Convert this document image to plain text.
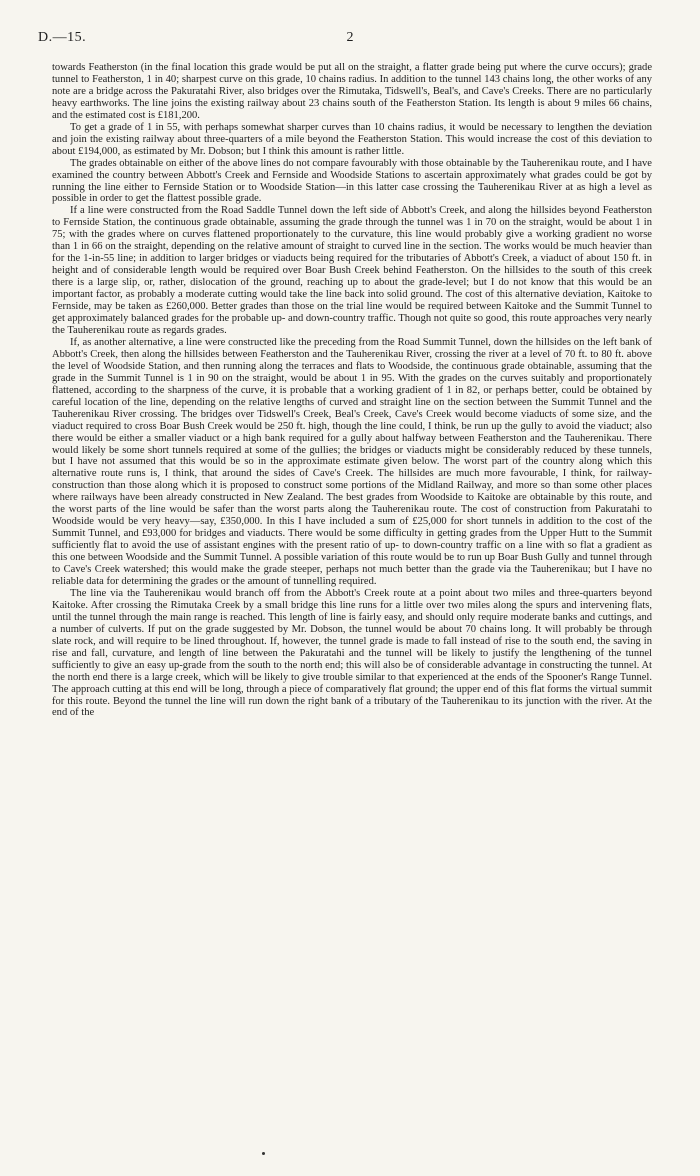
D.—15.	2

towards Featherston (in the final location this grade would be put all on the straight, a flatter grade being put where the curve occurs); grade tunnel to Featherston, 1 in 40; sharpest curve on this grade, 10 chains radius. In addition to the tunnel 143 chains long, the other works of any note are a bridge across the Pakuratahi River, also bridges over the Rimutaka, Tidswell's, Beal's, and Cave's Creeks. There are no particularly heavy earthworks. The line joins the existing railway about 23 chains south of the Featherston Station. Its length is about 9 miles 66 chains, and the estimated cost is £181,200.

To get a grade of 1 in 55, with perhaps somewhat sharper curves than 10 chains radius, it would be necessary to lengthen the deviation and join the existing railway about three-quarters of a mile beyond the Featherston Station. This would increase the cost of this deviation to about £194,000, as estimated by Mr. Dobson; but I think this amount is rather little.

The grades obtainable on either of the above lines do not compare favourably with those obtainable by the Tauherenikau route, and I have examined the country between Abbott's Creek and Fernside and Woodside Stations to ascertain approximately what grades could be got by running the line either to Fernside Station or to Woodside Station—in this latter case crossing the Tauherenikau River at as high a level as possible in order to get the flattest possible grade.

If a line were constructed from the Road Saddle Tunnel down the left side of Abbott's Creek, and along the hillsides beyond Featherston to Fernside Station, the continuous grade obtainable, assuming the grade through the tunnel was 1 in 70 on the straight, would be about 1 in 75; with the grades where on curves flattened proportionately to the curvature, this line would probably give a working gradient no worse than 1 in 66 on the straight, depending on the relative amount of straight to curved line in the section. The works would be much heavier than for the 1-in-55 line; in addition to larger bridges or viaducts being required for the tributaries of Abbott's Creek, a viaduct of about 150 ft. in height and of considerable length would be required over Boar Bush Creek behind Featherston. On the hillsides to the south of this creek there is a large slip, or, rather, dislocation of the ground, reaching up to about the grade-level; but I do not know that this would be an important factor, as probably a moderate cutting would take the line back into solid ground. The cost of this alternative deviation, Kaitoke to Fernside, may be taken as £260,000. Better grades than those on the trial line would be required between Kaitoke and the Summit Tunnel to get approximately balanced grades for the probable up- and down-country traffic. Though not quite so good, this route approaches very nearly the Tauherenikau route as regards grades.

If, as another alternative, a line were constructed like the preceding from the Road Summit Tunnel, down the hillsides on the left bank of Abbott's Creek, then along the hillsides between Featherston and the Tauherenikau River, crossing the river at a level of 70 ft. to 80 ft. above the level of Woodside Station, and then running along the terraces and flats to Woodside, the continuous grade obtainable, assuming that the grade in the Summit Tunnel is 1 in 90 on the straight, would be about 1 in 95. With the grades on the curves suitably and proportionately flattened, according to the sharpness of the curve, it is probable that a working gradient of 1 in 82, or perhaps better, could be obtained by careful location of the line, depending on the relative lengths of curved and straight line on the section between the Summit Tunnel and the Tauherenikau River crossing. The bridges over Tidswell's Creek, Beal's Creek, Cave's Creek would become viaducts of some size, and the viaduct required to cross Boar Bush Creek would be 250 ft. high, though the line could, I think, be run up the gully to avoid the viaduct; also there would be either a smaller viaduct or a high bank required for a gully about halfway between Featherston and the Tauherenikau. There would likely be some short tunnels required at some of the gullies; the bridges or viaducts might be considerably reduced by these tunnels, but I have not assumed that this would be so in the approximate estimate given below. The worst part of the country along which this alternative route runs is, I think, that around the sides of Cave's Creek. The hillsides are much more favourable, I think, for railway-construction than those along which it is proposed to construct some portions of the Midland Railway, and more so than some other places where railways have been already constructed in New Zealand. The best grades from Woodside to Kaitoke are obtainable by this route, and the worst parts of the line would be safer than the worst parts along the Tauherenikau route. The cost of construction from Pakuratahi to Woodside would be very heavy—say, £350,000. In this I have included a sum of £25,000 for short tunnels in addition to the cost of the Summit Tunnel, and £93,000 for bridges and viaducts. There would be some difficulty in getting grades from the Upper Hutt to the Summit sufficiently flat to avoid the use of assistant engines with the present ratio of up- to down-country traffic on a line with so flat a gradient as this one between Woodside and the Summit Tunnel. A possible variation of this route would be to run up Boar Bush Gully and tunnel through to Cave's Creek watershed; this would make the grade steeper, perhaps not much better than the grade via the Tauherenikau; but I have no reliable data for determining the grades or the amount of tunnelling required.

The line via the Tauherenikau would branch off from the Abbott's Creek route at a point about two miles and three-quarters beyond Kaitoke. After crossing the Rimutaka Creek by a small bridge this line runs for a little over two miles along the spurs and intervening flats, until the tunnel through the main range is reached. This length of line is fairly easy, and should only require moderate banks and cuttings, and a number of culverts. If put on the grade suggested by Mr. Dobson, the tunnel would be about 70 chains long. It will probably be through slate rock, and will require to be lined throughout. If, however, the tunnel grade is made to fall instead of rise to the south end, the saving in rise and fall, curvature, and length of line between the Pakuratahi and the tunnel will be likely to justify the lengthening of the tunnel sufficiently to give an easy up-grade from the south to the north end; this will also be of considerable advantage in constructing the tunnel. At the north end there is a large creek, which will be likely to give trouble similar to that experienced at the ends of the Spooner's Range Tunnel. The approach cutting at this end will be long, through a piece of comparatively flat ground; the upper end of this flat forms the virtual summit for this route. Beyond the tunnel the line will run down the right bank of a tributary of the Tauherenikau to its junction with the river. At the end of the
